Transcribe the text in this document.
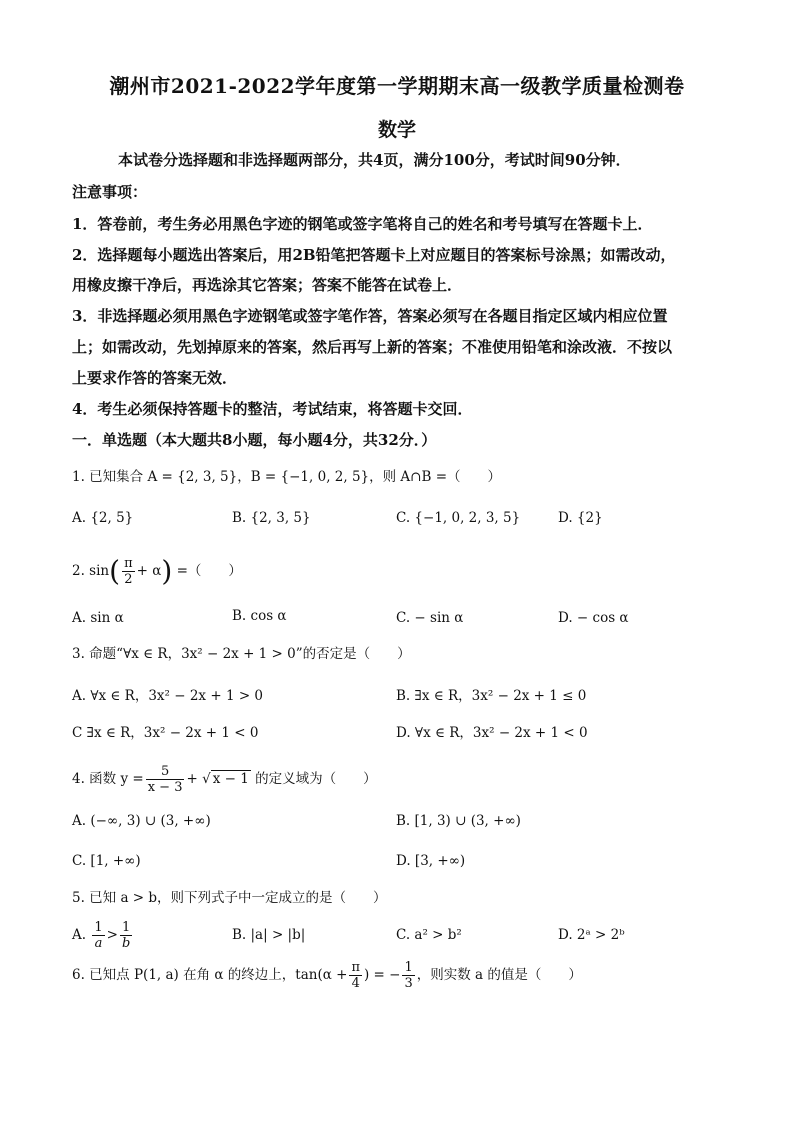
潮州市2021-2022学年度第一学期期末高一级教学质量检测卷
数学
本试卷分选择题和非选择题两部分，共4页，满分100分，考试时间90分钟．
注意事项：
1．答卷前，考生务必用黑色字迹的钢笔或签字笔将自己的姓名和考号填写在答题卡上．
2．选择题每小题选出答案后，用2B铅笔把答题卡上对应题目的答案标号涂黑；如需改动，
用橡皮擦干净后，再选涂其它答案；答案不能答在试卷上．
3．非选择题必须用黑色字迹钢笔或签字笔作答，答案必须写在各题目指定区域内相应位置
上；如需改动，先划掉原来的答案，然后再写上新的答案；不准使用铅笔和涂改液．不按以
上要求作答的答案无效．
4．考生必须保持答题卡的整洁，考试结束，将答题卡交回．
一．单选题（本大题共8小题，每小题4分，共32分．）
1. 已知集合 A = {2, 3, 5}，B = {−1, 0, 2, 5}，则 A∩B =（　　）
A. {2, 5}	B. {2, 3, 5}	C. {−1, 0, 2, 3, 5}	D. {2}
2. $\sin( \frac{\pi}{2} + \alpha)$ =（　　）
A. sin α	B. cos α	C. − sin α	D. − cos α
3. 命题“∀x ∈ R，3x² − 2x + 1 > 0”的否定是（　　）
A. ∀x ∈ R，3x² − 2x + 1 > 0	B. ∃x ∈ R，3x² − 2x + 1 ≤ 0
C ∃x ∈ R，3x² − 2x + 1 < 0	D. ∀x ∈ R，3x² − 2x + 1 < 0
4. 函数 $y = \frac{5}{x - 3}$ + √ x − 1 的定义域为（　　）
A. (−∞, 3) ∪ (3, +∞)	B. [1, 3) ∪ (3, +∞)
C. [1, +∞)	D. [3, +∞)
5. 已知 a > b，则下列式子中一定成立的是（　　）
A. $\frac{1}{a} > \frac{1}{b}$	B. |a| > |b|	C. a² > b²	D. 2ᵃ > 2ᵇ
6. 已知点 P(1, a) 在角 α 的终边上，$\tan(\alpha + \frac{\pi}{4}$ ) = − $\frac{1}{3}$ ，则实数 a 的值是（　　）
